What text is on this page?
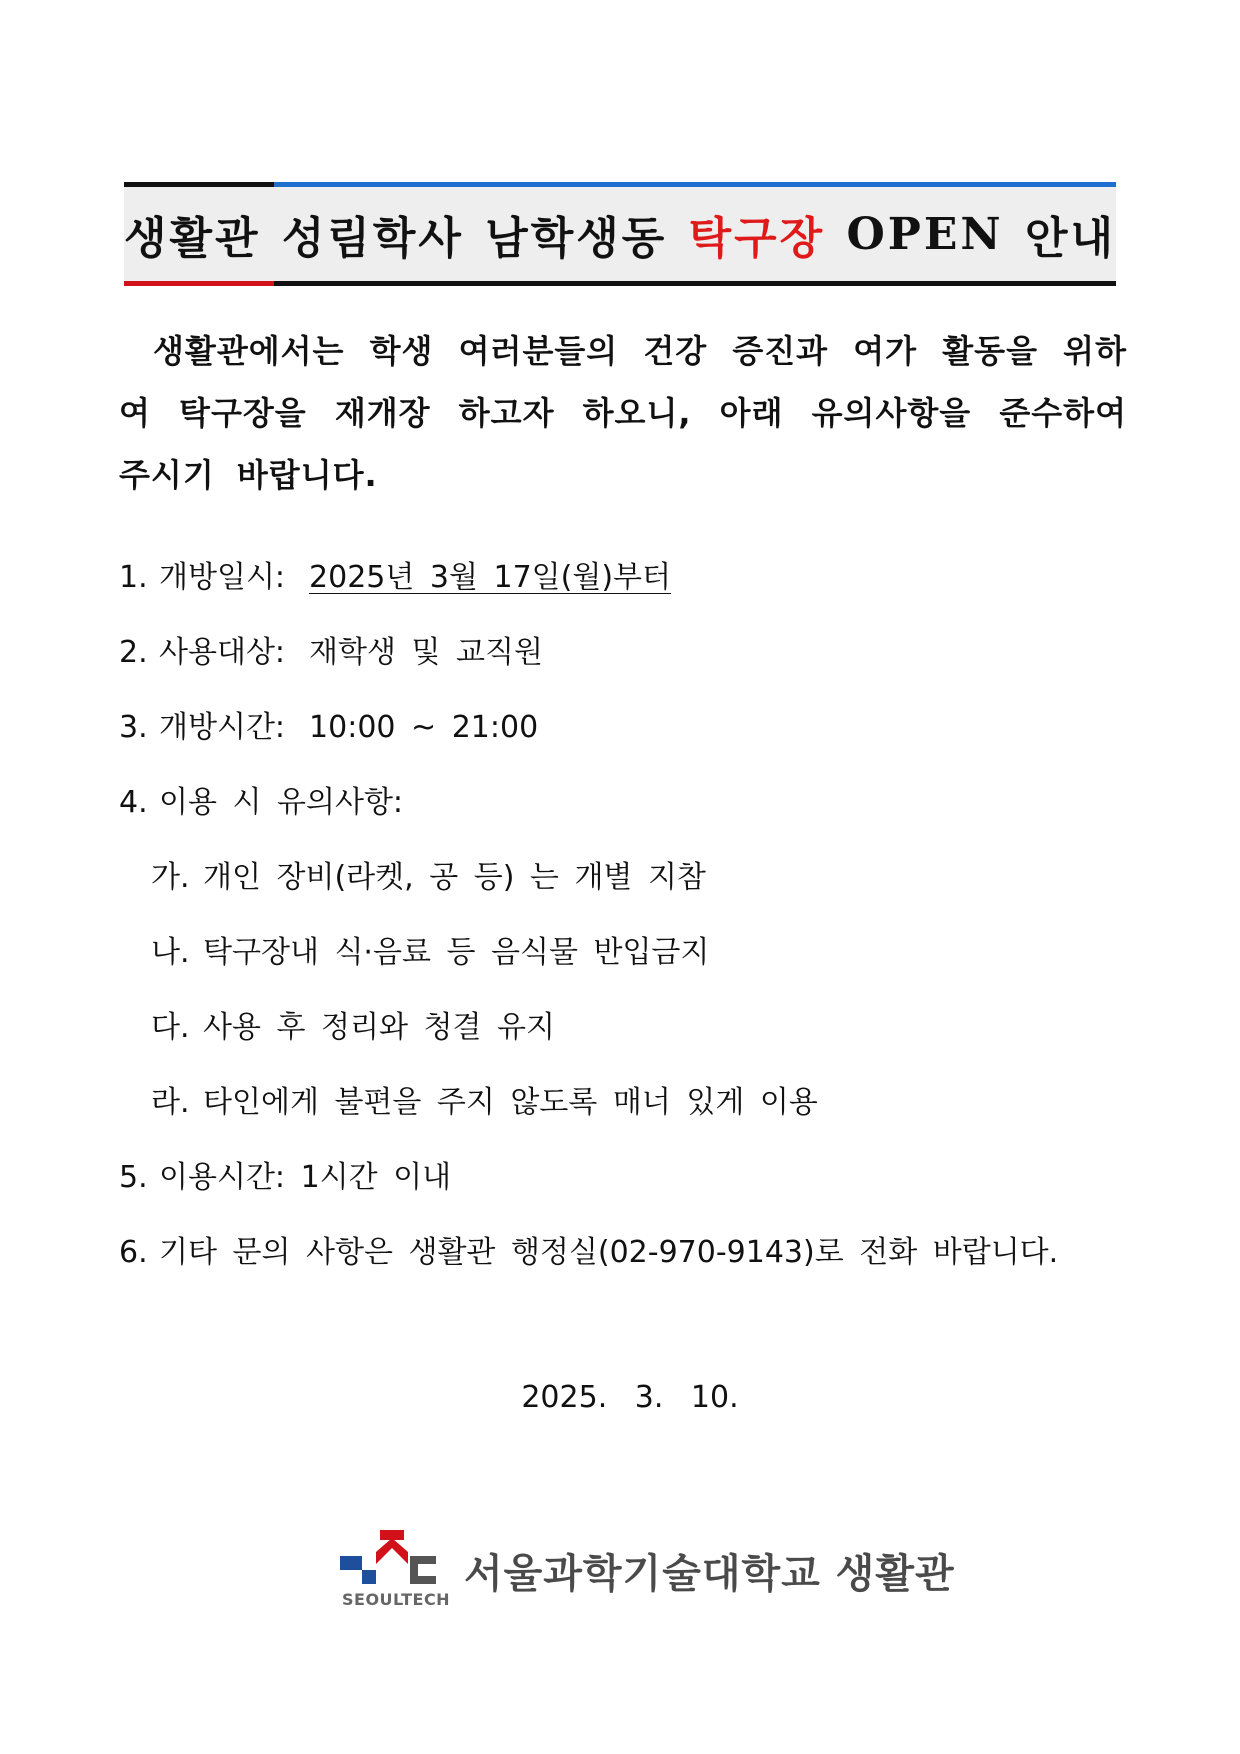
생활관 성림학사 남학생동 탁구장 OPEN 안내
생활관에서는 학생 여러분들의 건강 증진과 여가 활동을 위하여 탁구장을 재개장 하고자 하오니, 아래 유의사항을 준수하여 주시기 바랍니다.
1. 개방일시: 2025년 3월 17일(월)부터
2. 사용대상: 재학생 및 교직원
3. 개방시간: 10:00 ~ 21:00
4. 이용 시 유의사항:
가. 개인 장비(라켓, 공 등) 는 개별 지참
나. 탁구장내 식·음료 등 음식물 반입금지
다. 사용 후 정리와 청결 유지
라. 타인에게 불편을 주지 않도록 매너 있게 이용
5. 이용시간: 1시간 이내
6. 기타 문의 사항은 생활관 행정실(02-970-9143)로 전화 바랍니다.
2025. 3. 10.
서울과학기술대학교 생활관
SEOULTECH
